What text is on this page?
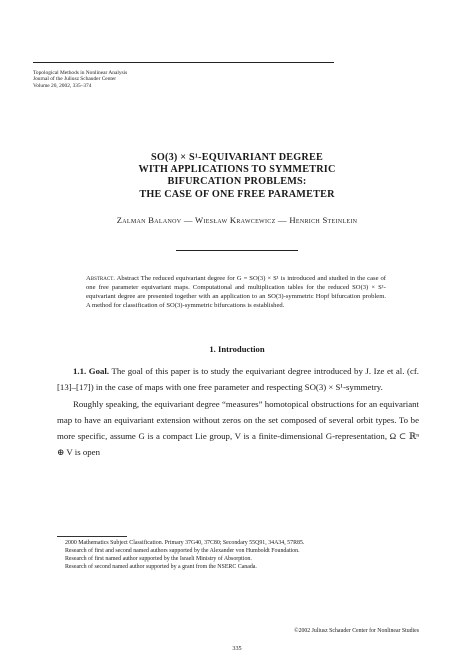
Topological Methods in Nonlinear Analysis
Journal of the Juliusz Schauder Center
Volume 20, 2002, 335–374
SO(3) × S¹-EQUIVARIANT DEGREE
WITH APPLICATIONS TO SYMMETRIC
BIFURCATION PROBLEMS:
THE CASE OF ONE FREE PARAMETER
Zalman Balanov — Wiesław Krawcewicz — Henrich Steinlein
Abstract. Abstract The reduced equivariant degree for G = SO(3) × S¹ is introduced and studied in the case of one free parameter equivariant maps. Computational and multiplication tables for the reduced SO(3) × S¹-equivariant degree are presented together with an application to an SO(3)-symmetric Hopf bifurcation problem. A method for classification of SO(3)-symmetric bifurcations is established.
1. Introduction

1.1. Goal. The goal of this paper is to study the equivariant degree introduced by J. Ize et al. (cf. [13]–[17]) in the case of maps with one free parameter and respecting SO(3) × S¹-symmetry.

Roughly speaking, the equivariant degree “measures” homotopical obstructions for an equivariant map to have an equivariant extension without zeros on the set composed of several orbit types. To be more specific, assume G is a compact Lie group, V is a finite-dimensional G-representation, Ω ⊂ ℝⁿ ⊕ V is open

2000 Mathematics Subject Classification. Primary 37G40, 37C80; Secondary 55Q91, 34A34, 57R85.

Research of first and second named authors supported by the Alexander von Humboldt Foundation.

Research of first named author supported by the Israeli Ministry of Absorption.

Research of second named author supported by a grant from the NSERC Canada.

©2002 Juliusz Schauder Center for Nonlinear Studies
335
